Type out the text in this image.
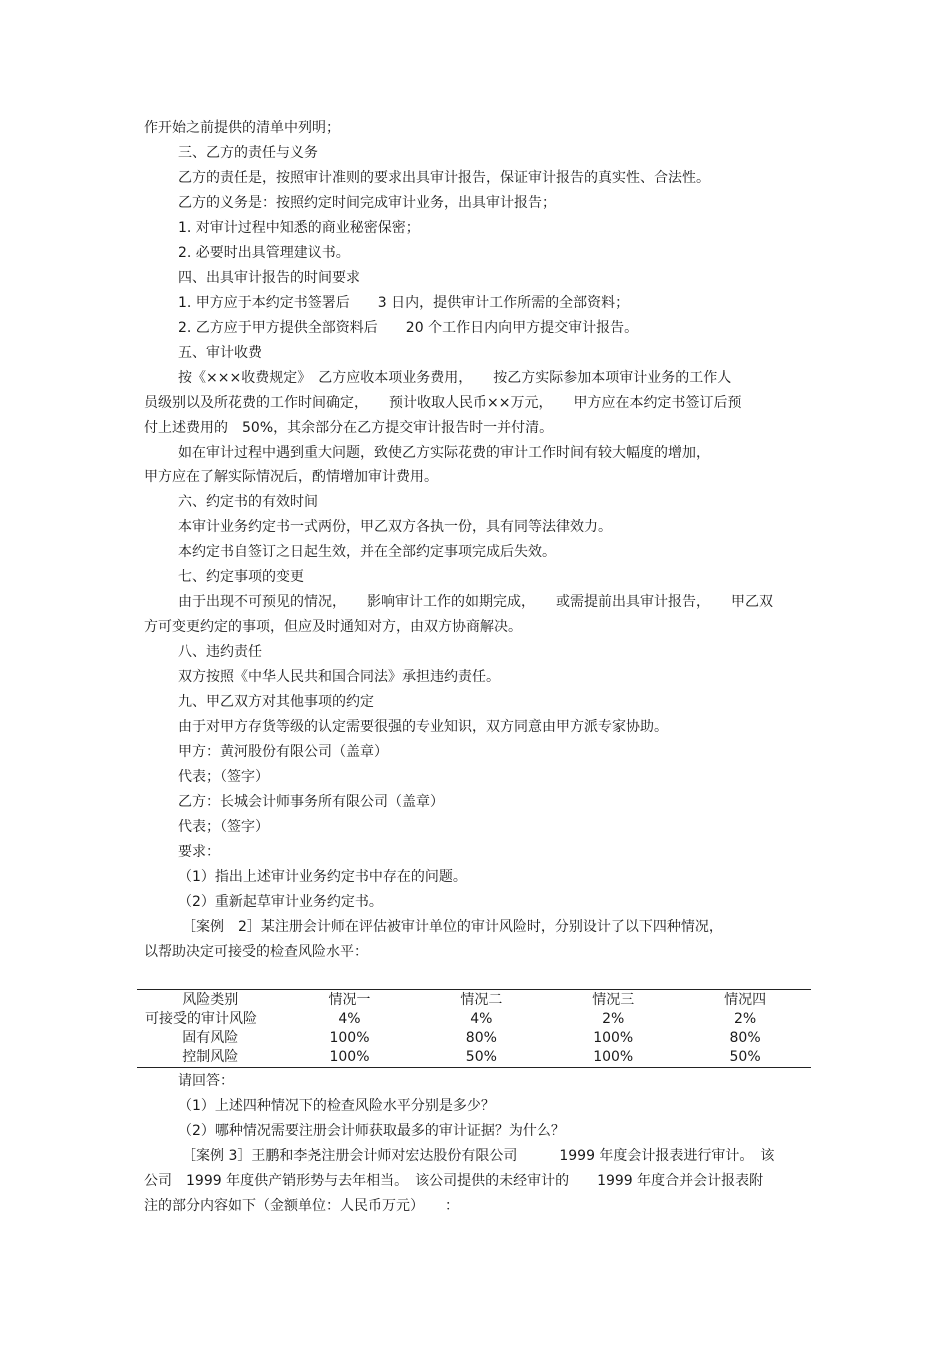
作开始之前提供的清单中列明；
三、乙方的责任与义务
乙方的责任是，按照审计准则的要求出具审计报告，保证审计报告的真实性、合法性。
乙方的义务是：按照约定时间完成审计业务，出具审计报告；
1. 对审计过程中知悉的商业秘密保密；
2. 必要时出具管理建议书。
四、出具审计报告的时间要求
1. 甲方应于本约定书签署后　　3 日内，提供审计工作所需的全部资料；
2. 乙方应于甲方提供全部资料后　　20 个工作日内向甲方提交审计报告。
五、审计收费
按《×××收费规定》　乙方应收本项业务费用，　　按乙方实际参加本项审计业务的工作人
员级别以及所花费的工作时间确定，　　预计收取人民币××万元，　　甲方应在本约定书签订后预
付上述费用的　50%，其余部分在乙方提交审计报告时一并付清。
如在审计过程中遇到重大问题，致使乙方实际花费的审计工作时间有较大幅度的增加，
甲方应在了解实际情况后，酌情增加审计费用。
六、约定书的有效时间
本审计业务约定书一式两份，甲乙双方各执一份，具有同等法律效力。
本约定书自签订之日起生效，并在全部约定事项完成后失效。
七、约定事项的变更
由于出现不可预见的情况，　　影响审计工作的如期完成，　　或需提前出具审计报告，　　甲乙双
方可变更约定的事项，但应及时通知对方，由双方协商解决。
八、违约责任
双方按照《中华人民共和国合同法》承担违约责任。
九、甲乙双方对其他事项的约定
由于对甲方存货等级的认定需要很强的专业知识，双方同意由甲方派专家协助。
甲方：黄河股份有限公司（盖章）
代表；（签字）
乙方：长城会计师事务所有限公司（盖章）
代表；（签字）
要求：
（1）指出上述审计业务约定书中存在的问题。
（2）重新起草审计业务约定书。
［案例　2］某注册会计师在评估被审计单位的审计风险时，分别设计了以下四种情况，
以帮助决定可接受的检查风险水平：
风险类别	情况一	情况二	情况三	情况四
可接受的审计风险	4%	4%	2%	2%
固有风险	100%	80%	100%	80%
控制风险	100%	50%	100%	50%
请回答：
（1）上述四种情况下的检查风险水平分别是多少？
（2）哪种情况需要注册会计师获取最多的审计证据？为什么？
［案例 3］王鹏和李尧注册会计师对宏达股份有限公司　　　1999 年度会计报表进行审计。　该
公司　1999 年度供产销形势与去年相当。　该公司提供的未经审计的　　1999 年度合并会计报表附
注的部分内容如下（金额单位：人民币万元）　　：
